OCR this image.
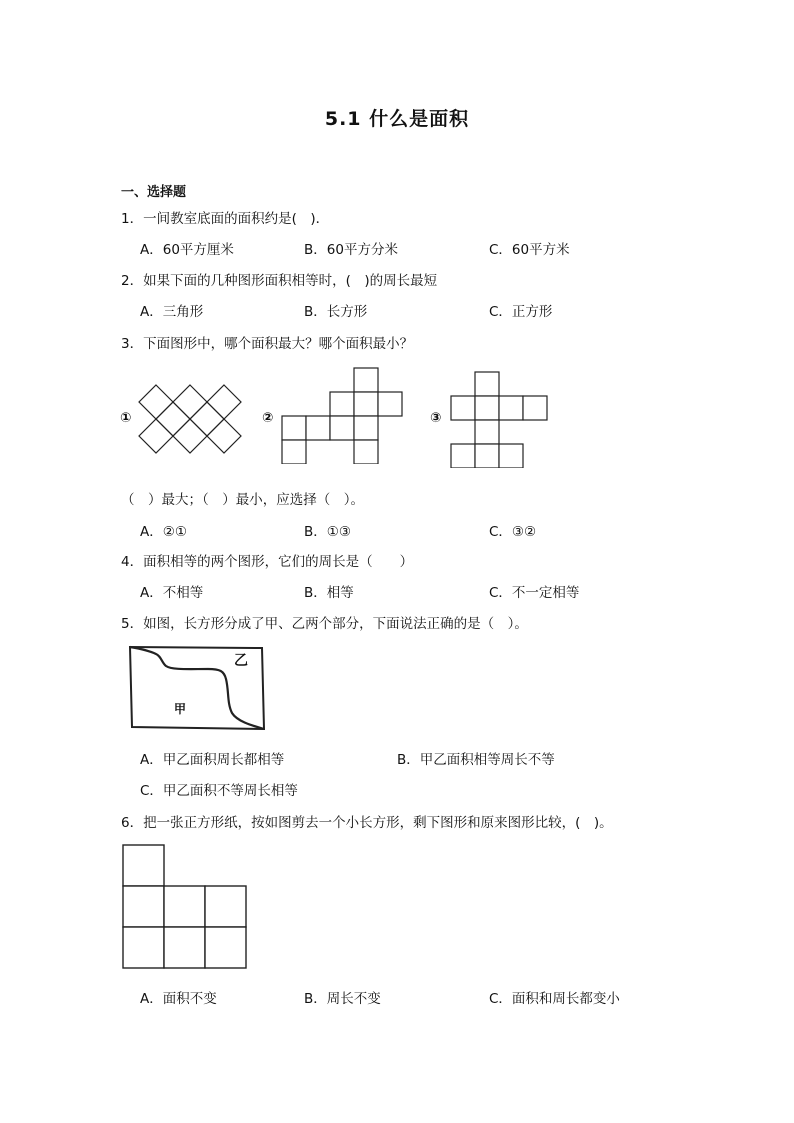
5.1 什么是面积
一、选择题
1．一间教室底面的面积约是(　)．
A．60平方厘米	B．60平方分米	C．60平方米
2．如果下面的几种图形面积相等时，(　)的周长最短
A．三角形	B．长方形	C．正方形
3．下面图形中，哪个面积最大？哪个面积最小？
①	②	③
（　）最大；（　）最小，应选择（　）。
A．②①	B．①③	C．③②
4．面积相等的两个图形，它们的周长是（　　）
A．不相等	B．相等	C．不一定相等
5．如图，长方形分成了甲、乙两个部分，下面说法正确的是（　）。
乙
甲
A．甲乙面积周长都相等	B．甲乙面积相等周长不等
C．甲乙面积不等周长相等
6．把一张正方形纸，按如图剪去一个小长方形，剩下图形和原来图形比较，(　)。
A．面积不变	B．周长不变	C．面积和周长都变小
